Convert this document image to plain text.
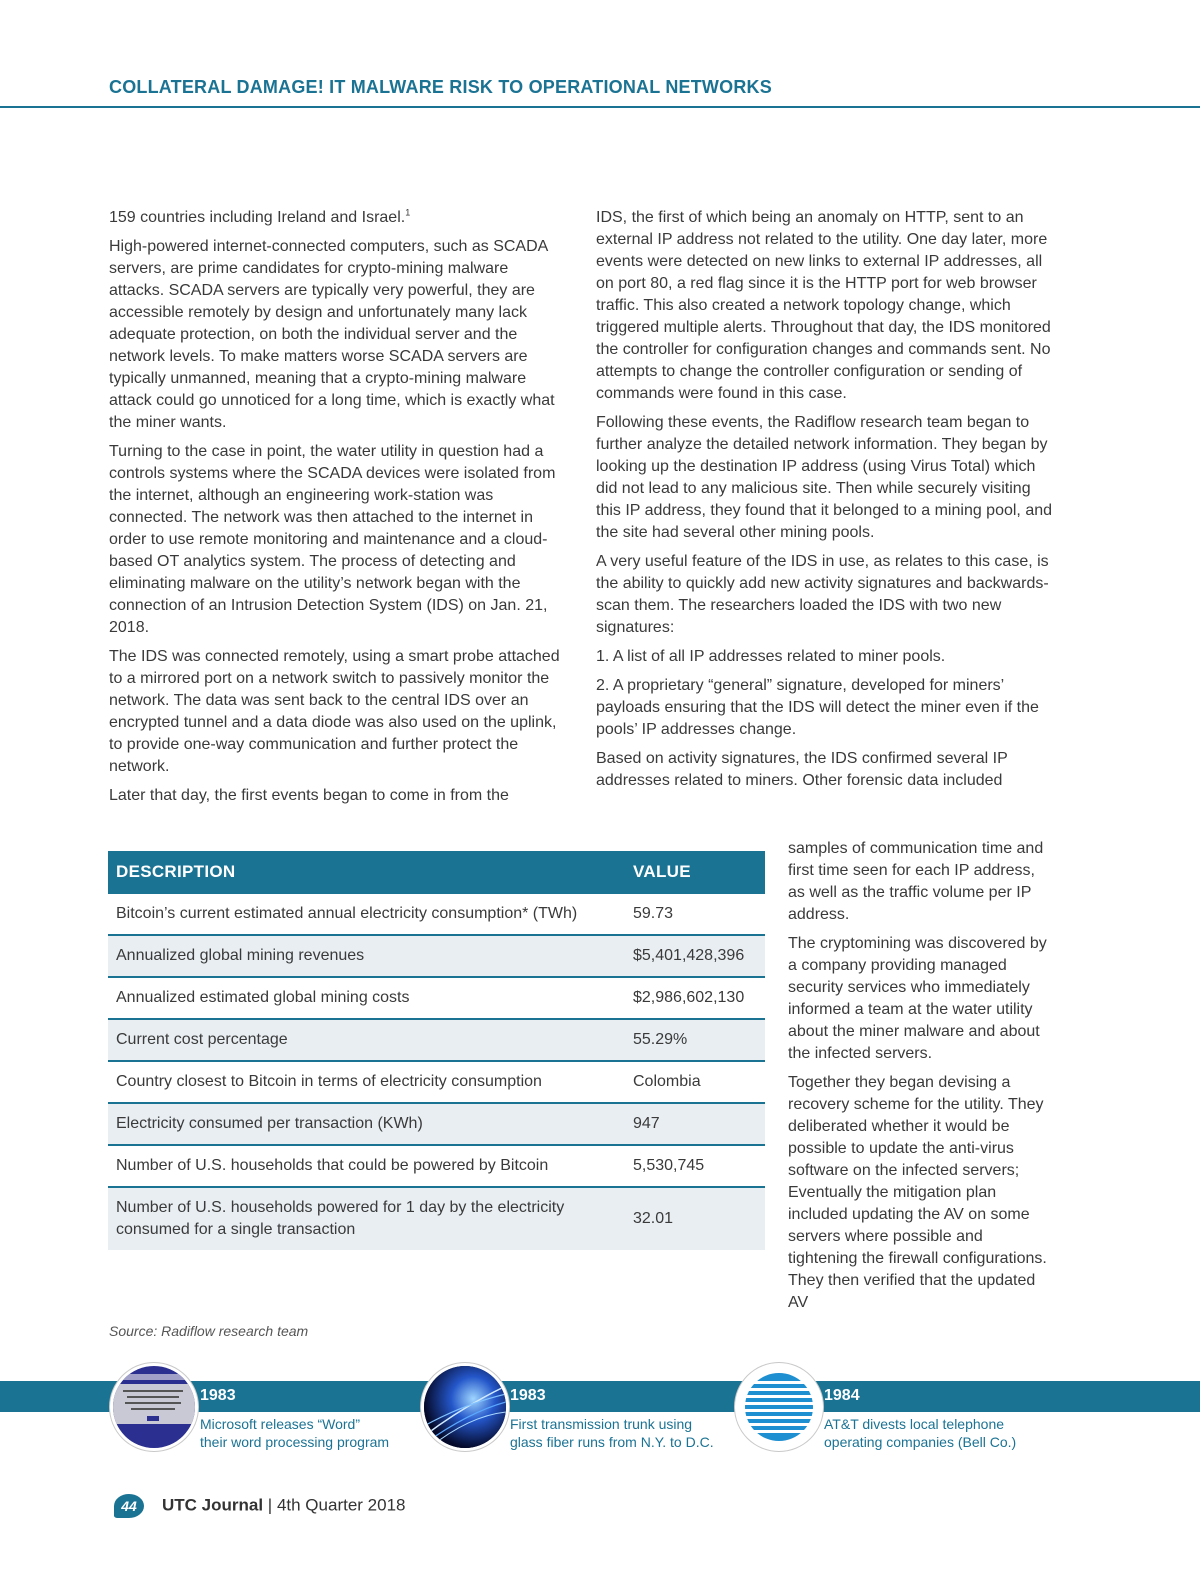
COLLATERAL DAMAGE! IT MALWARE RISK TO OPERATIONAL NETWORKS

159 countries including Ireland and Israel.$^1$

High-powered internet-connected computers, such as SCADA servers, are prime candidates for crypto-mining malware attacks. SCADA servers are typically very powerful, they are accessible remotely by design and unfortunately many lack adequate protection, on both the individual server and the network levels. To make matters worse SCADA servers are typically unmanned, meaning that a crypto-mining malware attack could go unnoticed for a long time, which is exactly what the miner wants.

Turning to the case in point, the water utility in question had a controls systems where the SCADA devices were isolated from the internet, although an engineering work-station was connected. The network was then attached to the internet in order to use remote monitoring and maintenance and a cloud-based OT analytics system. The process of detecting and eliminating malware on the utility’s network began with the connection of an Intrusion Detection System (IDS) on Jan. 21, 2018.

The IDS was connected remotely, using a smart probe attached to a mirrored port on a network switch to passively monitor the network. The data was sent back to the central IDS over an encrypted tunnel and a data diode was also used on the uplink, to provide one-way communication and further protect the network.

Later that day, the first events began to come in from the

IDS, the first of which being an anomaly on HTTP, sent to an external IP address not related to the utility. One day later, more events were detected on new links to external IP addresses, all on port 80, a red flag since it is the HTTP port for web browser traffic. This also created a network topology change, which triggered multiple alerts. Throughout that day, the IDS monitored the controller for configuration changes and commands sent. No attempts to change the controller configuration or sending of commands were found in this case.

Following these events, the Radiflow research team began to further analyze the detailed network information. They began by looking up the destination IP address (using Virus Total) which did not lead to any malicious site. Then while securely visiting this IP address, they found that it belonged to a mining pool, and the site had several other mining pools.

A very useful feature of the IDS in use, as relates to this case, is the ability to quickly add new activity signatures and backwards-scan them. The researchers loaded the IDS with two new signatures:

1. A list of all IP addresses related to miner pools.

2. A proprietary “general” signature, developed for miners’ payloads ensuring that the IDS will detect the miner even if the pools’ IP addresses change.

Based on activity signatures, the IDS confirmed several IP addresses related to miners. Other forensic data included

samples of communication time and first time seen for each IP address, as well as the traffic volume per IP address.

The cryptomining was discovered by a company providing managed security services who immediately informed a team at the water utility about the miner malware and about the infected servers.

Together they began devising a recovery scheme for the utility. They deliberated whether it would be possible to update the anti-virus software on the infected servers; Eventually the mitigation plan included updating the AV on some servers where possible and tightening the firewall configurations. They then verified that the updated AV

DESCRIPTION	VALUE
Bitcoin’s current estimated annual electricity consumption* (TWh)	59.73
Annualized global mining revenues	$5,401,428,396
Annualized estimated global mining costs	$2,986,602,130
Current cost percentage	55.29%
Country closest to Bitcoin in terms of electricity consumption	Colombia
Electricity consumed per transaction (KWh)	947
Number of U.S. households that could be powered by Bitcoin	5,530,745
Number of U.S. households powered for 1 day by the electricity consumed for a single transaction	32.01
Source: Radiflow research team
1983
Microsoft releases “Word”
their word processing program
1983
First transmission trunk using
glass fiber runs from N.Y. to D.C.
1984
AT&T divests local telephone
operating companies (Bell Co.)
44 UTC Journal | 4th Quarter 2018
